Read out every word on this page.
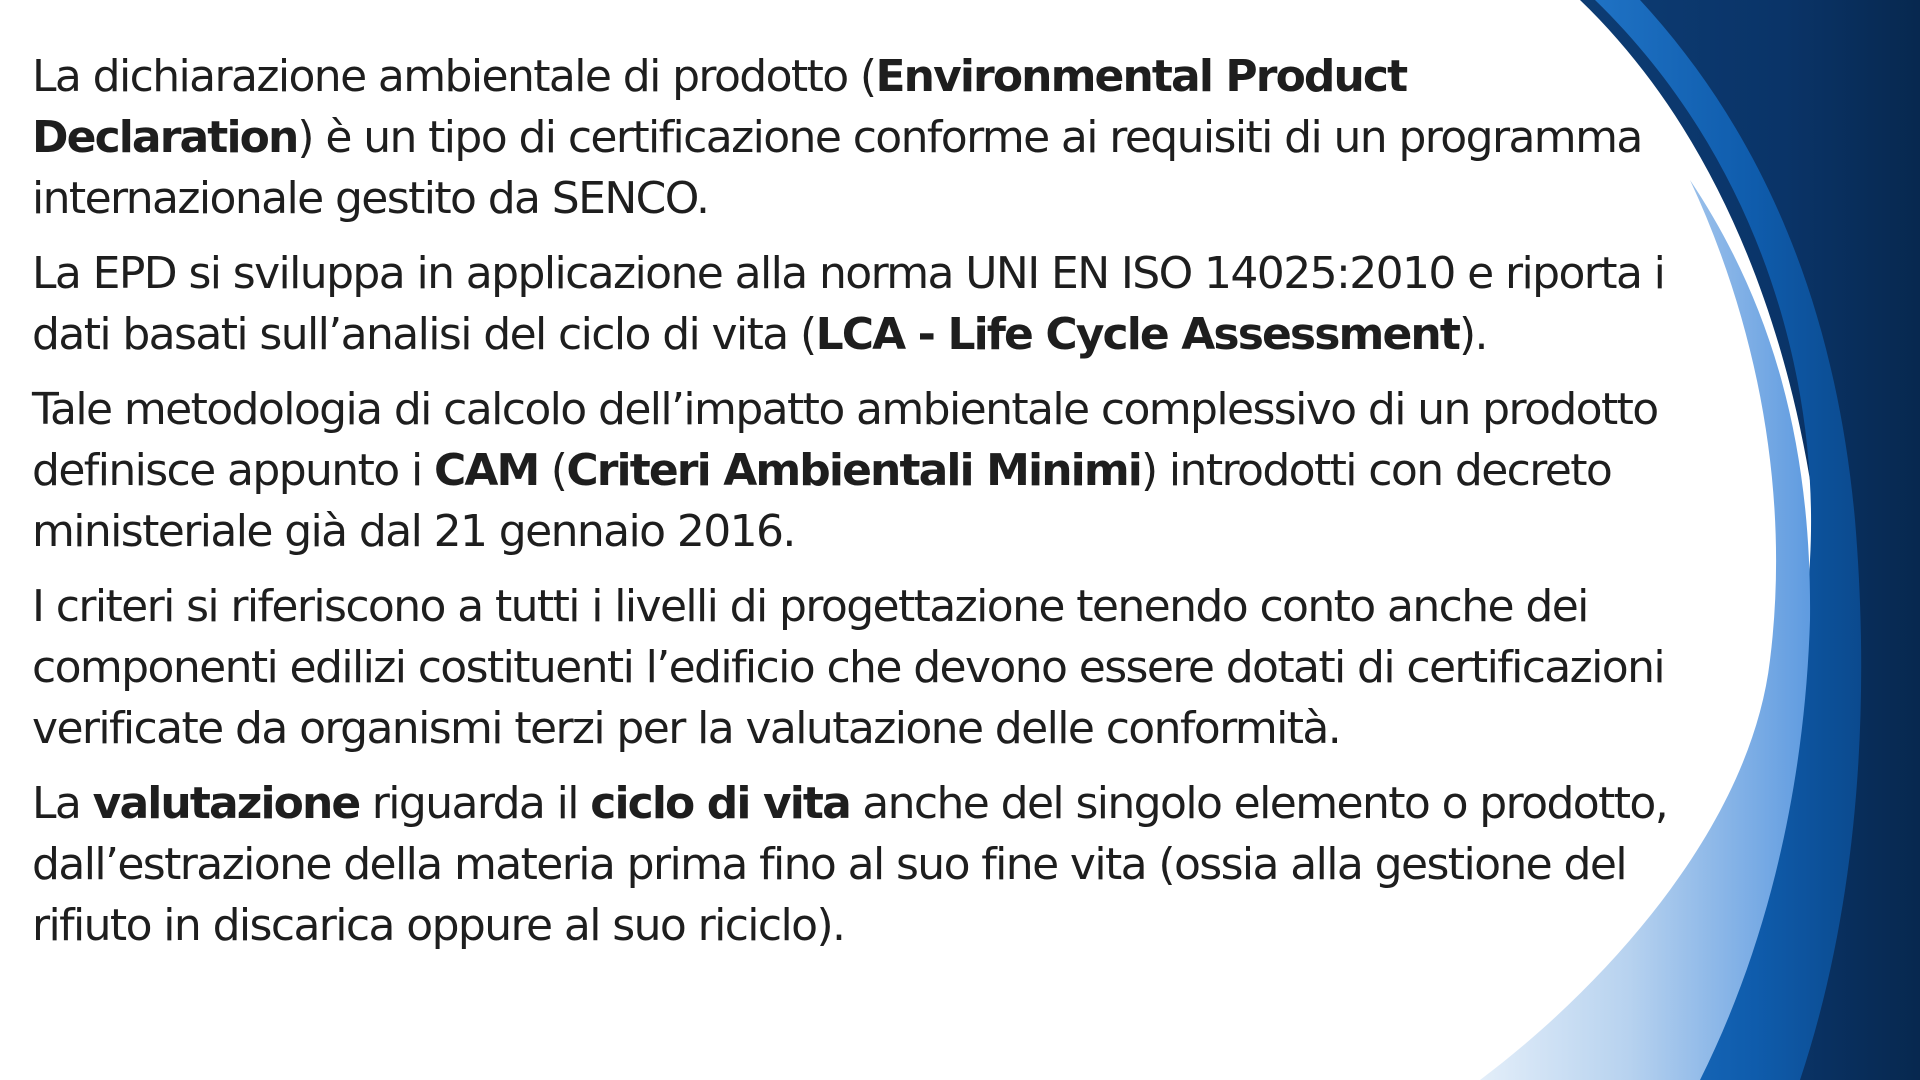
La dichiarazione ambientale di prodotto (Environmental Product Declaration) è un tipo di certificazione conforme ai requisiti di un programma internazionale gestito da SENCO.

La EPD si sviluppa in applicazione alla norma UNI EN ISO 14025:2010 e riporta i dati basati sull’analisi del ciclo di vita (LCA - Life Cycle Assessment).

Tale metodologia di calcolo dell’impatto ambientale complessivo di un prodotto definisce appunto i CAM (Criteri Ambientali Minimi) introdotti con decreto ministeriale già dal 21 gennaio 2016.

I criteri si riferiscono a tutti i livelli di progettazione tenendo conto anche dei componenti edilizi costituenti l’edificio che devono essere dotati di certificazioni verificate da organismi terzi per la valutazione delle conformità.

La valutazione riguarda il ciclo di vita anche del singolo elemento o prodotto, dall’estrazione della materia prima fino al suo fine vita (ossia alla gestione del rifiuto in discarica oppure al suo riciclo).
